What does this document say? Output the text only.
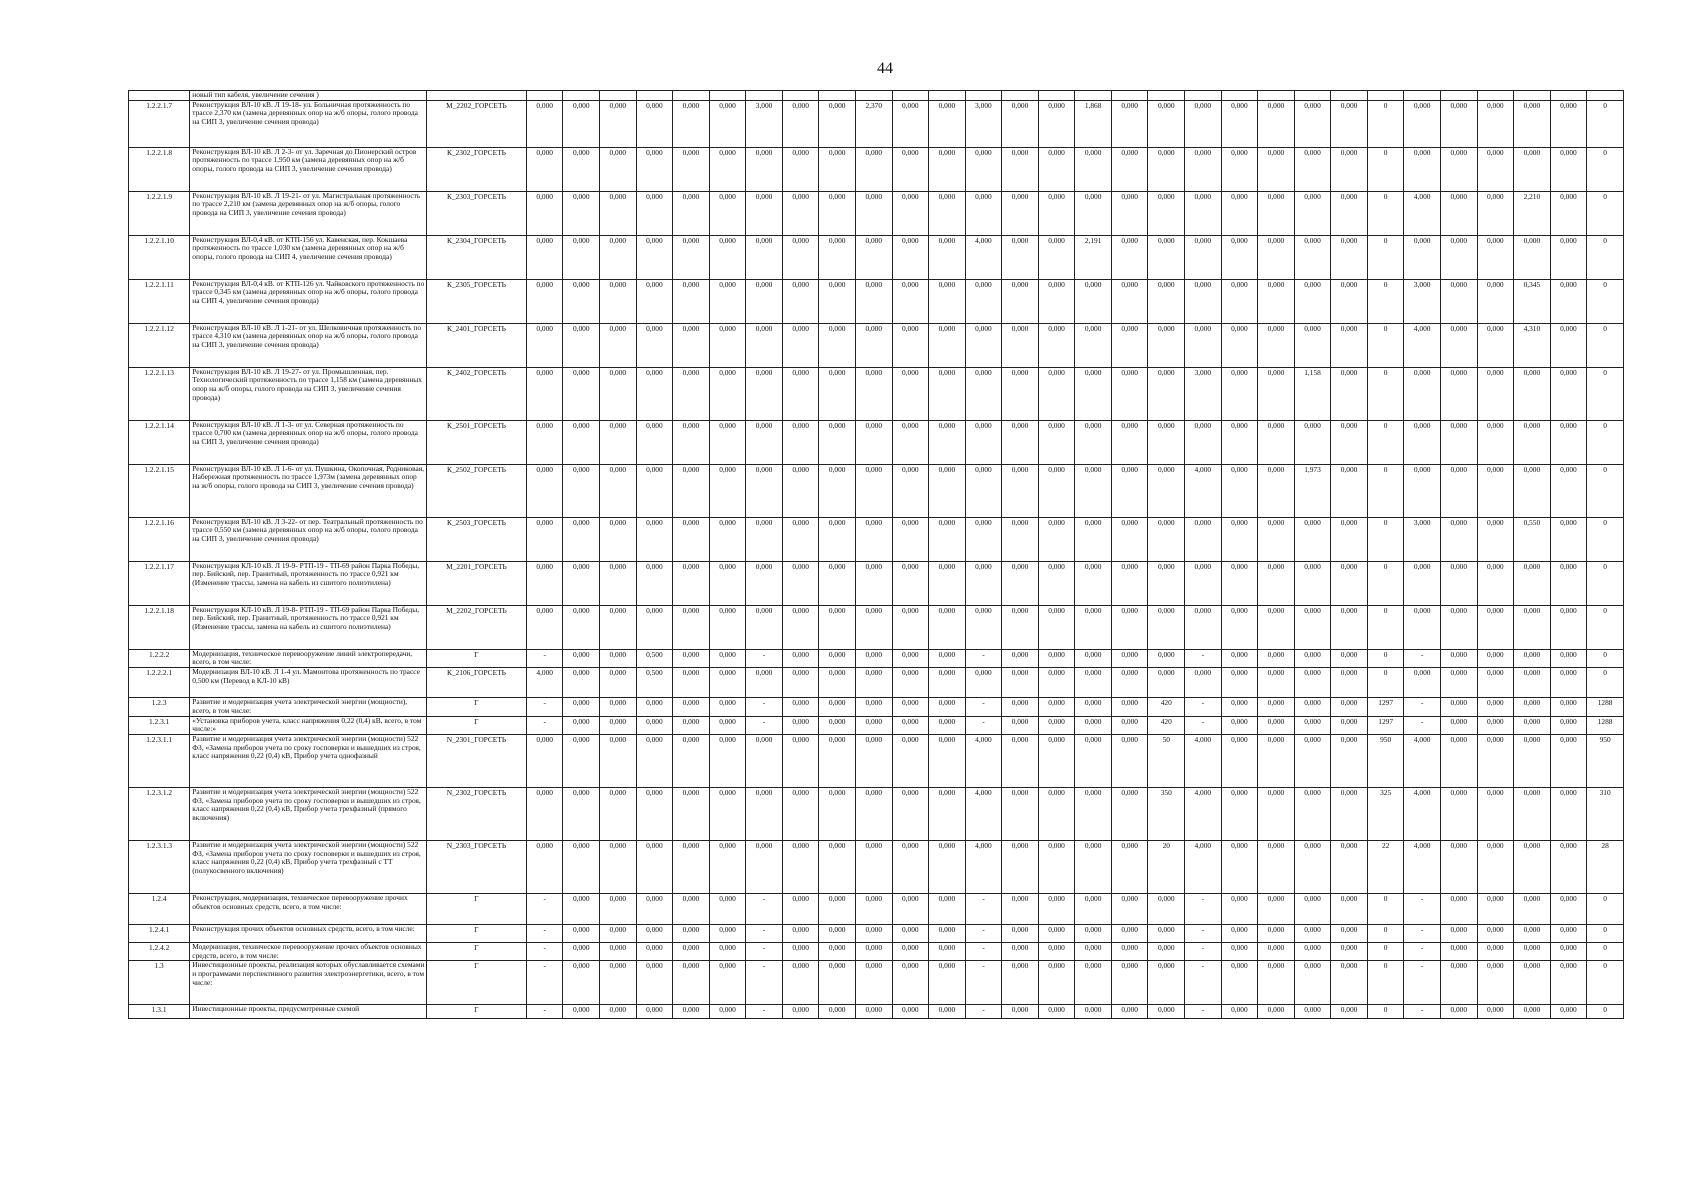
44
	новый тип кабеля, увеличение сечения )																															
1.2.2.1.7	Реконструкция ВЛ-10 кВ. Л 19-18- ул. Больничная протяженность по трассе 2,370 км (замена деревянных опор на ж/б опоры, голого провода на СИП 3, увеличение сечения провода)	М_2202_ГОРСЕТЬ	0,000	0,000	0,000	0,000	0,000	0,000	3,000	0,000	0,000	2,370	0,000	0,000	3,000	0,000	0,000	1,868	0,000	0,000	0,000	0,000	0,000	0,000	0,000	0	0,000	0,000	0,000	0,000	0,000	0
1.2.2.1.8	Реконструкция ВЛ-10 кВ. Л 2-3- от ул. Заречная до Пионерский остров протяженность по трассе 1,950 км (замена деревянных опор на ж/б опоры, голого провода на СИП 3, увеличение сечения провода)	К_2302_ГОРСЕТЬ	0,000	0,000	0,000	0,000	0,000	0,000	0,000	0,000	0,000	0,000	0,000	0,000	0,000	0,000	0,000	0,000	0,000	0,000	0,000	0,000	0,000	0,000	0,000	0	0,000	0,000	0,000	0,000	0,000	0
1.2.2.1.9	Реконструкция ВЛ-10 кВ. Л 19-21- от ул. Магистральная протяженность по трассе 2,210 км (замена деревянных опор на ж/б опоры, голого провода на СИП 3, увеличение сечения провода)	К_2303_ГОРСЕТЬ	0,000	0,000	0,000	0,000	0,000	0,000	0,000	0,000	0,000	0,000	0,000	0,000	0,000	0,000	0,000	0,000	0,000	0,000	0,000	0,000	0,000	0,000	0,000	0	4,000	0,000	0,000	2,210	0,000	0
1.2.2.1.10	Реконструкция ВЛ-0,4 кВ. от КТП-156 ул. Кавенская, пер. Кокшаева протяженность по трассе 1,030 км (замена деревянных опор на ж/б опоры, голого провода на СИП 4, увеличение сечения провода)	К_2304_ГОРСЕТЬ	0,000	0,000	0,000	0,000	0,000	0,000	0,000	0,000	0,000	0,000	0,000	0,000	4,000	0,000	0,000	2,191	0,000	0,000	0,000	0,000	0,000	0,000	0,000	0	0,000	0,000	0,000	0,000	0,000	0
1.2.2.1.11	Реконструкция ВЛ-0,4 кВ. от КТП-126 ул. Чайковского протяженность по трассе 0,345 км (замена деревянных опор на ж/б опоры, голого провода на СИП 4, увеличение сечения провода)	К_2305_ГОРСЕТЬ	0,000	0,000	0,000	0,000	0,000	0,000	0,000	0,000	0,000	0,000	0,000	0,000	0,000	0,000	0,000	0,000	0,000	0,000	0,000	0,000	0,000	0,000	0,000	0	3,000	0,000	0,000	0,345	0,000	0
1.2.2.1.12	Реконструкция ВЛ-10 кВ. Л 1-21- от ул. Шелковичная протяженность по трассе 4,310 км (замена деревянных опор на ж/б опоры, голого провода на СИП 3, увеличение сечения провода)	К_2401_ГОРСЕТЬ	0,000	0,000	0,000	0,000	0,000	0,000	0,000	0,000	0,000	0,000	0,000	0,000	0,000	0,000	0,000	0,000	0,000	0,000	0,000	0,000	0,000	0,000	0,000	0	4,000	0,000	0,000	4,310	0,000	0
1.2.2.1.13	Реконструкция ВЛ-10 кВ. Л 19-27- от ул. Промышленная, пер. Технологический протяженность по трассе 1,158 км (замена деревянных опор на ж/б опоры, голого провода на СИП 3, увеличение сечения провода)	К_2402_ГОРСЕТЬ	0,000	0,000	0,000	0,000	0,000	0,000	0,000	0,000	0,000	0,000	0,000	0,000	0,000	0,000	0,000	0,000	0,000	0,000	3,000	0,000	0,000	1,158	0,000	0	0,000	0,000	0,000	0,000	0,000	0
1.2.2.1.14	Реконструкция ВЛ-10 кВ. Л 1-3- от ул. Северная протяженность по трассе 0,700 км (замена деревянных опор на ж/б опоры, голого провода на СИП 3, увеличение сечения провода)	К_2501_ГОРСЕТЬ	0,000	0,000	0,000	0,000	0,000	0,000	0,000	0,000	0,000	0,000	0,000	0,000	0,000	0,000	0,000	0,000	0,000	0,000	0,000	0,000	0,000	0,000	0,000	0	0,000	0,000	0,000	0,000	0,000	0
1.2.2.1.15	Реконструкция ВЛ-10 кВ. Л 1-6- от ул. Пушкина, Окопочная, Родниковая, Набережная протяженность по трассе 1,973м (замена деревянных опор на ж/б опоры, голого провода на СИП 3, увеличение сечения провода)	К_2502_ГОРСЕТЬ	0,000	0,000	0,000	0,000	0,000	0,000	0,000	0,000	0,000	0,000	0,000	0,000	0,000	0,000	0,000	0,000	0,000	0,000	4,000	0,000	0,000	1,973	0,000	0	0,000	0,000	0,000	0,000	0,000	0
1.2.2.1.16	Реконструкция ВЛ-10 кВ. Л 3-22- от пер. Театральный протяженность по трассе 0,550 км (замена деревянных опор на ж/б опоры, голого провода на СИП 3, увеличение сечения провода)	К_2503_ГОРСЕТЬ	0,000	0,000	0,000	0,000	0,000	0,000	0,000	0,000	0,000	0,000	0,000	0,000	0,000	0,000	0,000	0,000	0,000	0,000	0,000	0,000	0,000	0,000	0,000	0	3,000	0,000	0,000	0,550	0,000	0
1.2.2.1.17	Реконструкция КЛ-10 кВ. Л 19-9- РТП-19 - ТП-69 район Парка Победы, пер. Бийский, пер. Гранитный, протяженность по трассе 0,921 км (Изменение трассы, замена на кабель из сшитого полиэтилена)	М_2201_ГОРСЕТЬ	0,000	0,000	0,000	0,000	0,000	0,000	0,000	0,000	0,000	0,000	0,000	0,000	0,000	0,000	0,000	0,000	0,000	0,000	0,000	0,000	0,000	0,000	0,000	0	0,000	0,000	0,000	0,000	0,000	0
1.2.2.1.18	Реконструкция КЛ-10 кВ. Л 19-8- РТП-19 - ТП-69 район Парка Победы, пер. Бийский, пер. Гранитный, протяженность по трассе 0,921 км (Изменение трассы, замена на кабель из сшитого полиэтилена)	М_2202_ГОРСЕТЬ	0,000	0,000	0,000	0,000	0,000	0,000	0,000	0,000	0,000	0,000	0,000	0,000	0,000	0,000	0,000	0,000	0,000	0,000	0,000	0,000	0,000	0,000	0,000	0	0,000	0,000	0,000	0,000	0,000	0
1.2.2.2	Модернизация, техническое перевооружение линий электропередачи, всего, в том числе:	Г	-	0,000	0,000	0,500	0,000	0,000	-	0,000	0,000	0,000	0,000	0,000	-	0,000	0,000	0,000	0,000	0,000	-	0,000	0,000	0,000	0,000	0	-	0,000	0,000	0,000	0,000	0
1.2.2.2.1	Модернизация ВЛ-10 кВ. Л 1-4 ул. Мамонтова протяженность по трассе 0,500 км (Перевод в КЛ-10 кВ)	К_2106_ГОРСЕТЬ	4,000	0,000	0,000	0,500	0,000	0,000	0,000	0,000	0,000	0,000	0,000	0,000	0,000	0,000	0,000	0,000	0,000	0,000	0,000	0,000	0,000	0,000	0,000	0	0,000	0,000	0,000	0,000	0,000	0
1.2.3	Развитие и модернизация учета электрической энергии (мощности), всего, в том числе:	Г	-	0,000	0,000	0,000	0,000	0,000	-	0,000	0,000	0,000	0,000	0,000	-	0,000	0,000	0,000	0,000	420	-	0,000	0,000	0,000	0,000	1297	-	0,000	0,000	0,000	0,000	1288
1.2.3.1	«Установка приборов учета, класс напряжения 0,22 (0,4) кВ, всего, в том числе:»	Г	-	0,000	0,000	0,000	0,000	0,000	-	0,000	0,000	0,000	0,000	0,000	-	0,000	0,000	0,000	0,000	420	-	0,000	0,000	0,000	0,000	1297	-	0,000	0,000	0,000	0,000	1288
1.2.3.1.1	Развитие и модернизация учета электрической энергии (мощности) 522 ФЗ, «Замена приборов учета по сроку госповерки и вышедших из строя, класс напряжения 0,22 (0,4) кВ, Прибор учета однофазный	N_2301_ГОРСЕТЬ	0,000	0,000	0,000	0,000	0,000	0,000	0,000	0,000	0,000	0,000	0,000	0,000	4,000	0,000	0,000	0,000	0,000	50	4,000	0,000	0,000	0,000	0,000	950	4,000	0,000	0,000	0,000	0,000	950
1.2.3.1.2	Развитие и модернизация учета электрической энергии (мощности) 522 ФЗ, «Замена приборов учета по сроку госповерки и вышедших из строя, класс напряжения 0,22 (0,4) кВ, Прибор учета трехфазный (прямого включения)	N_2302_ГОРСЕТЬ	0,000	0,000	0,000	0,000	0,000	0,000	0,000	0,000	0,000	0,000	0,000	0,000	4,000	0,000	0,000	0,000	0,000	350	4,000	0,000	0,000	0,000	0,000	325	4,000	0,000	0,000	0,000	0,000	310
1.2.3.1.3	Развитие и модернизация учета электрической энергии (мощности) 522 ФЗ, «Замена приборов учета по сроку госповерки и вышедших из строя, класс напряжения 0,22 (0,4) кВ, Прибор учета трехфазный с ТТ (полукосвенного включения)	N_2303_ГОРСЕТЬ	0,000	0,000	0,000	0,000	0,000	0,000	0,000	0,000	0,000	0,000	0,000	0,000	4,000	0,000	0,000	0,000	0,000	20	4,000	0,000	0,000	0,000	0,000	22	4,000	0,000	0,000	0,000	0,000	28
1.2.4	Реконструкция, модернизация, техническое перевооружение прочих объектов основных средств, всего, в том числе:	Г	-	0,000	0,000	0,000	0,000	0,000	-	0,000	0,000	0,000	0,000	0,000	-	0,000	0,000	0,000	0,000	0,000	-	0,000	0,000	0,000	0,000	0	-	0,000	0,000	0,000	0,000	0
1.2.4.1	Реконструкция прочих объектов основных средств, всего, в том числе:	Г	-	0,000	0,000	0,000	0,000	0,000	-	0,000	0,000	0,000	0,000	0,000	-	0,000	0,000	0,000	0,000	0,000	-	0,000	0,000	0,000	0,000	0	-	0,000	0,000	0,000	0,000	0
1.2.4.2	Модернизация, техническое перевооружение прочих объектов основных средств, всего, в том числе:	Г	-	0,000	0,000	0,000	0,000	0,000	-	0,000	0,000	0,000	0,000	0,000	-	0,000	0,000	0,000	0,000	0,000	-	0,000	0,000	0,000	0,000	0	-	0,000	0,000	0,000	0,000	0
1.3	Инвестиционные проекты, реализация которых обуславливается схемами и программами перспективного развития электроэнергетики, всего, в том числе:	Г	-	0,000	0,000	0,000	0,000	0,000	-	0,000	0,000	0,000	0,000	0,000	-	0,000	0,000	0,000	0,000	0,000	-	0,000	0,000	0,000	0,000	0	-	0,000	0,000	0,000	0,000	0
1.3.1	Инвестиционные проекты, предусмотренные схемой	Г	-	0,000	0,000	0,000	0,000	0,000	-	0,000	0,000	0,000	0,000	0,000	-	0,000	0,000	0,000	0,000	0,000	-	0,000	0,000	0,000	0,000	0	-	0,000	0,000	0,000	0,000	0
